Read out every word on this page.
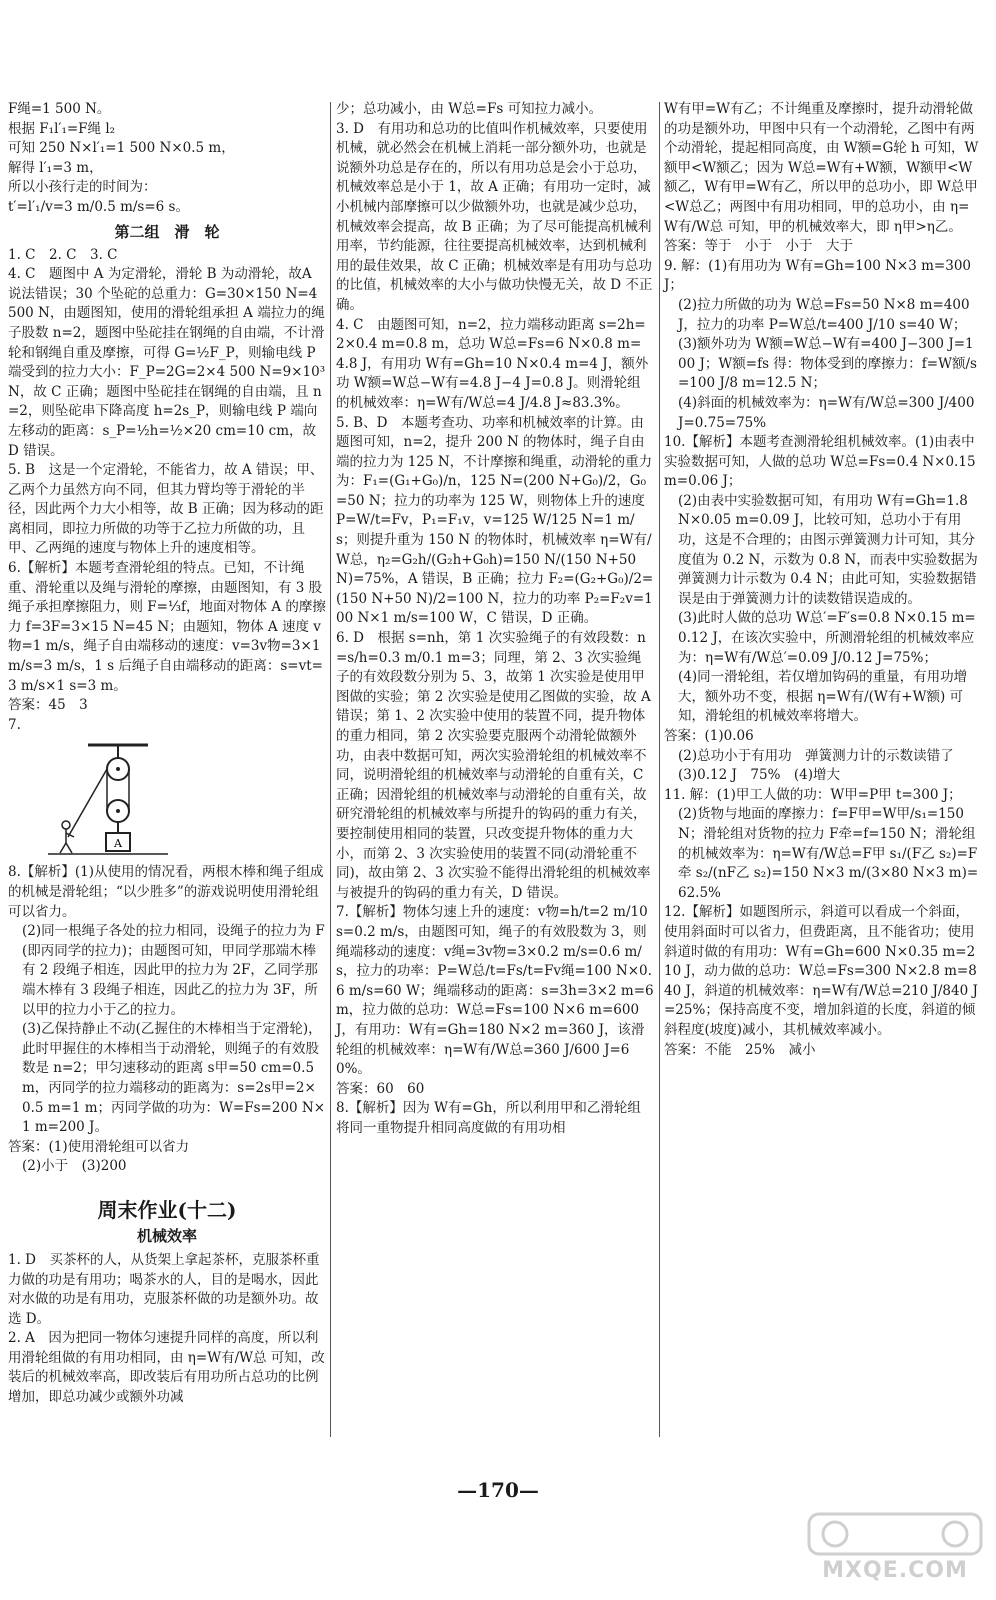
F绳=1 500 N。
根据 F₁l′₁=F绳 l₂
可知 250 N×l′₁=1 500 N×0.5 m，
解得 l′₁=3 m，
所以小孩行走的时间为：
t′=l′₁/v=3 m/0.5 m/s=6 s。
第二组　滑　轮
1. C　2. C　3. C
4. C　题图中 A 为定滑轮，滑轮 B 为动滑轮，故A 说法错误；30 个坠砣的总重力：G=30×150 N=4 500 N，由题图知，使用的滑轮组承担 A 端拉力的绳子股数 n=2，题图中坠砣挂在钢绳的自由端，不计滑轮和钢绳自重及摩擦，可得 G=½F_P，则输电线 P 端受到的拉力大小：F_P=2G=2×4 500 N=9×10³ N，故 C 正确；题图中坠砣挂在钢绳的自由端，且 n=2，则坠砣串下降高度 h=2s_P，则输电线 P 端向左移动的距离：s_P=½h=½×20 cm=10 cm，故 D 错误。
5. B　这是一个定滑轮，不能省力，故 A 错误；甲、乙两个力虽然方向不同，但其力臂均等于滑轮的半径，因此两个力大小相等，故 B 正确；因为移动的距离相同，即拉力所做的功等于乙拉力所做的功，且甲、乙两绳的速度与物体上升的速度相等。
6.【解析】本题考查滑轮组的特点。已知，不计绳重、滑轮重以及绳与滑轮的摩擦，由题图知，有 3 股绳子承担摩擦阻力，则 F=⅓f，地面对物体 A 的摩擦力 f=3F=3×15 N=45 N；由题知，物体 A 速度 v物=1 m/s，绳子自由端移动的速度：v=3v物=3×1 m/s=3 m/s，1 s 后绳子自由端移动的距离：s=vt=3 m/s×1 s=3 m。
答案：45　3
7.
A
8.【解析】(1)从使用的情况看，两根木棒和绳子组成的机械是滑轮组；“以少胜多”的游戏说明使用滑轮组可以省力。
(2)同一根绳子各处的拉力相同，设绳子的拉力为 F(即丙同学的拉力)；由题图可知，甲同学那端木棒有 2 段绳子相连，因此甲的拉力为 2F，乙同学那端木棒有 3 段绳子相连，因此乙的拉力为 3F，所以甲的拉力小于乙的拉力。
(3)乙保持静止不动(乙握住的木棒相当于定滑轮)，此时甲握住的木棒相当于动滑轮，则绳子的有效股数是 n=2；甲匀速移动的距离 s甲=50 cm=0.5 m，丙同学的拉力端移动的距离为：s=2s甲=2×0.5 m=1 m；丙同学做的功为：W=Fs=200 N×1 m=200 J。
答案：(1)使用滑轮组可以省力
(2)小于　(3)200
周末作业(十二)
机械效率
1. D　买茶杯的人，从货架上拿起茶杯，克服茶杯重力做的功是有用功；喝茶水的人，目的是喝水，因此对水做的功是有用功，克服茶杯做的功是额外功。故选 D。
2. A　因为把同一物体匀速提升同样的高度，所以利用滑轮组做的有用功相同，由 η=W有/W总 可知，改装后的机械效率高，即改装后有用功所占总功的比例增加，即总功减少或额外功减
少；总功减小，由 W总=Fs 可知拉力减小。
3. D　有用功和总功的比值叫作机械效率，只要使用机械，就必然会在机械上消耗一部分额外功，也就是说额外功总是存在的，所以有用功总是会小于总功，机械效率总是小于 1，故 A 正确；有用功一定时，减小机械内部摩擦可以少做额外功，也就是减少总功，机械效率会提高，故 B 正确；为了尽可能提高机械利用率，节约能源，往往要提高机械效率，达到机械利用的最佳效果，故 C 正确；机械效率是有用功与总功的比值，机械效率的大小与做功快慢无关，故 D 不正确。
4. C　由题图可知，n=2，拉力端移动距离 s=2h=2×0.4 m=0.8 m，总功 W总=Fs=6 N×0.8 m=4.8 J，有用功 W有=Gh=10 N×0.4 m=4 J，额外功 W额=W总−W有=4.8 J−4 J=0.8 J。则滑轮组的机械效率：η=W有/W总=4 J/4.8 J≈83.3%。
5. B、D　本题考查功、功率和机械效率的计算。由题图可知，n=2，提升 200 N 的物体时，绳子自由端的拉力为 125 N，不计摩擦和绳重，动滑轮的重力为：F₁=(G₁+G₀)/n，125 N=(200 N+G₀)/2，G₀=50 N；拉力的功率为 125 W，则物体上升的速度 P=W/t=Fv，P₁=F₁v，v=125 W/125 N=1 m/s；则提升重为 150 N 的物体时，机械效率 η=W有/W总，η₂=G₂h/(G₂h+G₀h)=150 N/(150 N+50 N)=75%，A 错误，B 正确；拉力 F₂=(G₂+G₀)/2=(150 N+50 N)/2=100 N，拉力的功率 P₂=F₂v=100 N×1 m/s=100 W，C 错误，D 正确。
6. D　根据 s=nh，第 1 次实验绳子的有效段数：n=s/h=0.3 m/0.1 m=3；同理，第 2、3 次实验绳子的有效段数分别为 5、3，故第 1 次实验是使用甲图做的实验；第 2 次实验是使用乙图做的实验，故 A 错误；第 1、2 次实验中使用的装置不同，提升物体的重力相同，第 2 次实验要克服两个动滑轮做额外功，由表中数据可知，两次实验滑轮组的机械效率不同，说明滑轮组的机械效率与动滑轮的自重有关，C 正确；因滑轮组的机械效率与动滑轮的自重有关，故研究滑轮组的机械效率与所提升的钩码的重力有关，要控制使用相同的装置，只改变提升物体的重力大小，而第 2、3 次实验使用的装置不同(动滑轮重不同)，故由第 2、3 次实验不能得出滑轮组的机械效率与被提升的钩码的重力有关，D 错误。
7.【解析】物体匀速上升的速度：v物=h/t=2 m/10 s=0.2 m/s，由题图可知，绳子的有效股数为 3，则绳端移动的速度：v绳=3v物=3×0.2 m/s=0.6 m/s，拉力的功率：P=W总/t=Fs/t=Fv绳=100 N×0.6 m/s=60 W；绳端移动的距离：s=3h=3×2 m=6 m，拉力做的总功：W总=Fs=100 N×6 m=600 J，有用功：W有=Gh=180 N×2 m=360 J，该滑轮组的机械效率：η=W有/W总=360 J/600 J=60%。
答案：60　60
8.【解析】因为 W有=Gh，所以利用甲和乙滑轮组将同一重物提升相同高度做的有用功相
W有甲=W有乙；不计绳重及摩擦时，提升动滑轮做的功是额外功，甲图中只有一个动滑轮，乙图中有两个动滑轮，提起相同高度，由 W额=G轮 h 可知，W额甲<W额乙；因为 W总=W有+W额，W额甲<W额乙，W有甲=W有乙，所以甲的总功小，即 W总甲<W总乙；两图中有用功相同，甲的总功小，由 η=W有/W总 可知，甲的机械效率大，即 η甲>η乙。
答案：等于　小于　小于　大于
9. 解：(1)有用功为 W有=Gh=100 N×3 m=300 J；
(2)拉力所做的功为 W总=Fs=50 N×8 m=400 J，拉力的功率 P=W总/t=400 J/10 s=40 W；
(3)额外功为 W额=W总−W有=400 J−300 J=100 J；W额=fs 得：物体受到的摩擦力：f=W额/s=100 J/8 m=12.5 N；
(4)斜面的机械效率为：η=W有/W总=300 J/400 J=0.75=75%
10.【解析】本题考查测滑轮组机械效率。(1)由表中实验数据可知，人做的总功 W总=Fs=0.4 N×0.15 m=0.06 J；
(2)由表中实验数据可知，有用功 W有=Gh=1.8 N×0.05 m=0.09 J，比较可知，总功小于有用功，这是不合理的；由图示弹簧测力计可知，其分度值为 0.2 N，示数为 0.8 N，而表中实验数据为弹簧测力计示数为 0.4 N；由此可知，实验数据错误是由于弹簧测力计的读数错误造成的。
(3)此时人做的总功 W总′=F′s=0.8 N×0.15 m=0.12 J，在该次实验中，所测滑轮组的机械效率应为：η=W有/W总′=0.09 J/0.12 J=75%；
(4)同一滑轮组，若仅增加钩码的重量，有用功增大，额外功不变，根据 η=W有/(W有+W额) 可知，滑轮组的机械效率将增大。
答案：(1)0.06
(2)总功小于有用功　弹簧测力计的示数读错了
(3)0.12 J　75%　(4)增大
11. 解：(1)甲工人做的功：W甲=P甲 t=300 J；
(2)货物与地面的摩擦力：f=F甲=W甲/s₁=150 N；滑轮组对货物的拉力 F牵=f=150 N；滑轮组的机械效率为：η=W有/W总=F甲 s₁/(F乙 s₂)=F牵 s₂/(nF乙 s₂)=150 N×3 m/(3×80 N×3 m)=62.5%
12.【解析】如题图所示，斜道可以看成一个斜面，使用斜面时可以省力，但费距离，且不能省功；使用斜道时做的有用功：W有=Gh=600 N×0.35 m=210 J，动力做的总功：W总=Fs=300 N×2.8 m=840 J，斜道的机械效率：η=W有/W总=210 J/840 J=25%；保持高度不变，增加斜道的长度，斜道的倾斜程度(坡度)减小，其机械效率减小。
答案：不能　25%　减小
—170—
MXQE.COM
